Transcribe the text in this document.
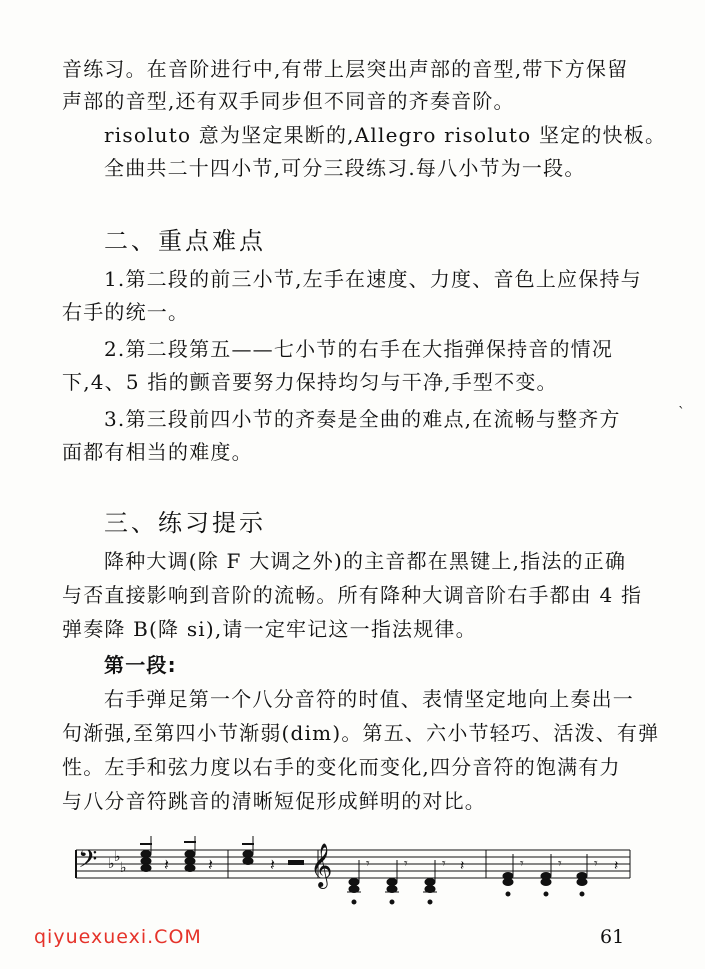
音练习。在音阶进行中,有带上层突出声部的音型,带下方保留
声部的音型,还有双手同步但不同音的齐奏音阶。
risoluto 意为坚定果断的,Allegro risoluto 坚定的快板。
全曲共二十四小节,可分三段练习.每八小节为一段。
二、重点难点
1.第二段的前三小节,左手在速度、力度、音色上应保持与
右手的统一。
2.第二段第五——七小节的右手在大指弹保持音的情况
下,4、5 指的颤音要努力保持均匀与干净,手型不变。
3.第三段前四小节的齐奏是全曲的难点,在流畅与整齐方
面都有相当的难度。
三、练习提示
降种大调(除 F 大调之外)的主音都在黑键上,指法的正确
与否直接影响到音阶的流畅。所有降种大调音阶右手都由 4 指
弹奏降 B(降 si),请一定牢记这一指法规律。
第一段:
右手弹足第一个八分音符的时值、表情坚定地向上奏出一
句渐强,至第四小节渐弱(dim)。第五、六小节轻巧、活泼、有弹
性。左手和弦力度以右手的变化而变化,四分音符的饱满有力
与八分音符跳音的清晰短促形成鲜明的对比。
𝄢 ♭ ♭
♭ 𝄽 𝄽	𝄽 𝄞 𝄾 𝄾 𝄾	𝄾 𝄾 𝄾
𝄽	𝄽
`
qiyuexuexi.COM	61
